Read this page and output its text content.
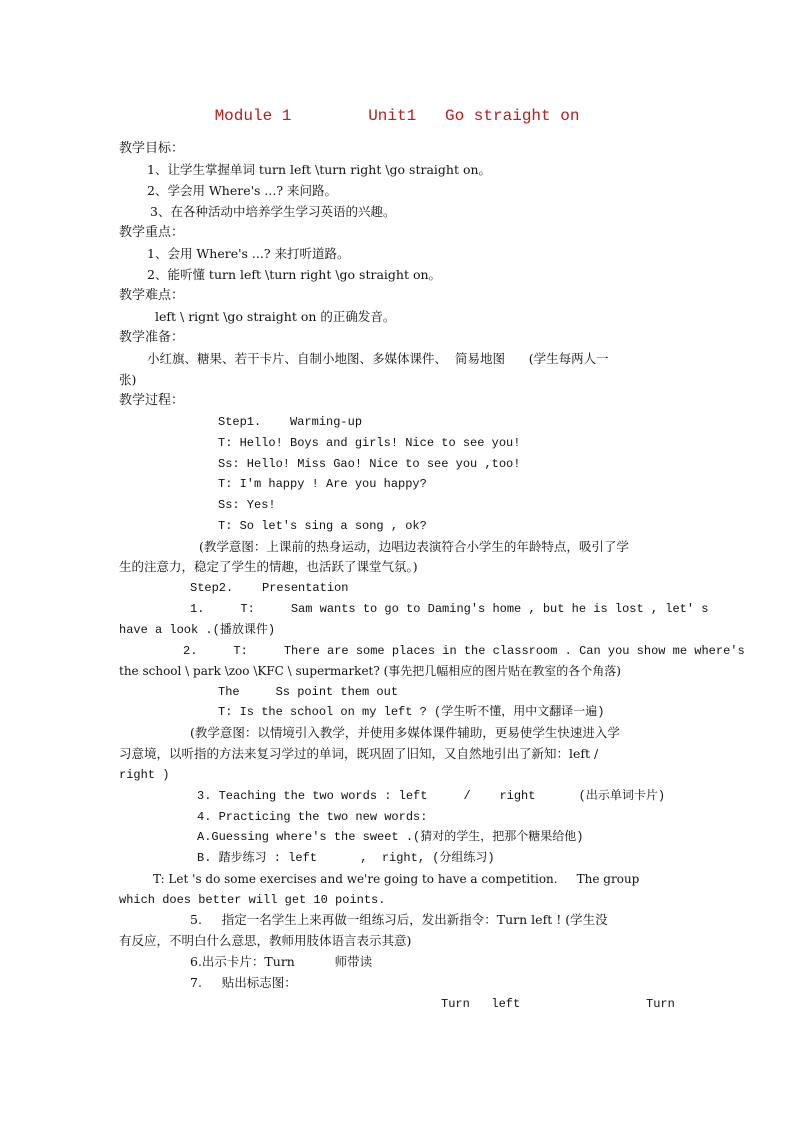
Module 1        Unit1   Go straight on
教学目标：
1、让学生掌握单词 turn left \turn right \go straight on。
2、学会用 Where's ...? 来问路。
3、在各种活动中培养学生学习英语的兴趣。
教学重点：
1、会用 Where's ...? 来打听道路。
2、能听懂 turn left \turn right \go straight on。
教学难点：
left \ rignt \go straight on 的正确发音。
教学准备：
小红旗、糖果、若干卡片、自制小地图、多媒体课件、  简易地图      (学生每两人一
张)
教学过程：
Step1.    Warming-up
T: Hello! Boys and girls! Nice to see you!
Ss: Hello! Miss Gao! Nice to see you ,too!
T: I'm happy ! Are you happy?
Ss: Yes!
T: So let's sing a song , ok?
(教学意图：上课前的热身运动，边唱边表演符合小学生的年龄特点，吸引了学
生的注意力，稳定了学生的情趣，也活跃了课堂气氛。)
Step2.    Presentation
1.     T:     Sam wants to go to Daming's home , but he is lost , let' s
have a look .(播放课件)
2.     T:     There are some places in the classroom . Can you show me where's
the school \ park \zoo \KFC \ supermarket? (事先把几幅相应的图片贴在教室的各个角落)
The     Ss point them out
T: Is the school on my left ? (学生听不懂，用中文翻译一遍)
(教学意图：以情境引入教学，并使用多媒体课件辅助，更易使学生快速进入学
习意境，以听指的方法来复习学过的单词，既巩固了旧知，又自然地引出了新知：left /
right )
3. Teaching the two words : left     /    right      (出示单词卡片)
4. Practicing the two new words:
A.Guessing where's the sweet .(猜对的学生，把那个糖果给他)
B. 踏步练习 : left      ,  right, (分组练习)
T: Let 's do some exercises and we're going to have a competition.     The group
which does better will get 10 points.
5.     指定一名学生上来再做一组练习后，发出新指令：Turn left ! (学生没
有反应，不明白什么意思，教师用肢体语言表示其意)
6.出示卡片：Turn          师带读
7.     贴出标志图：
Turn   left	Turn
